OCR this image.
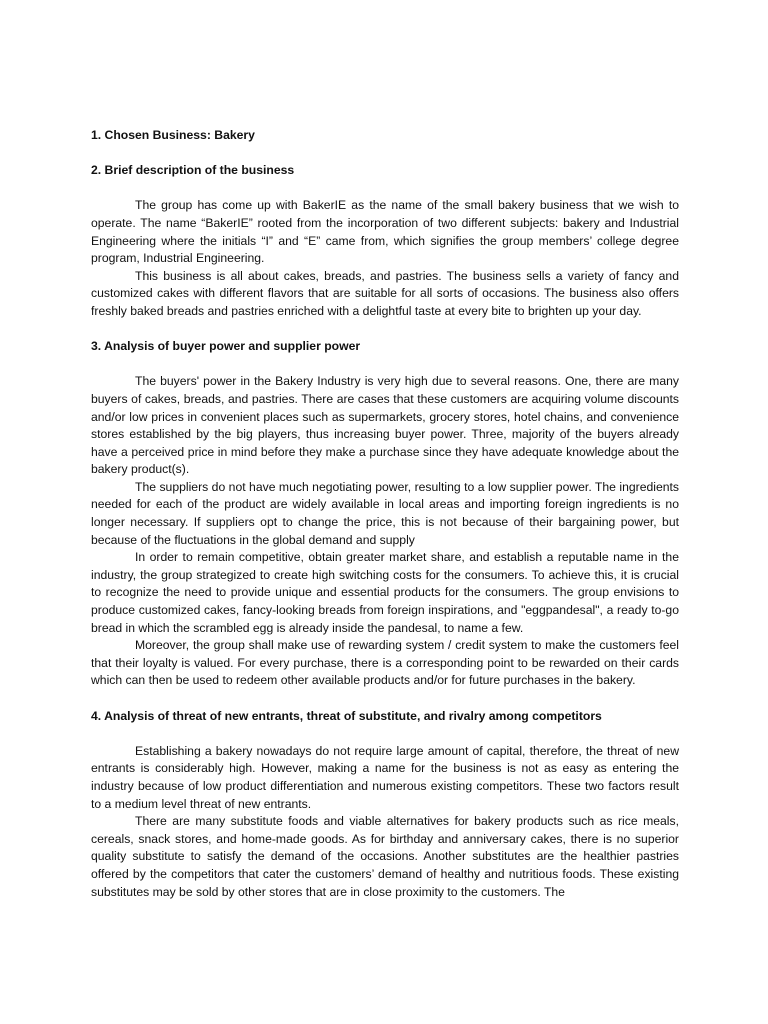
1. Chosen Business: Bakery
2. Brief description of the business

The group has come up with BakerIE as the name of the small bakery business that we wish to operate. The name “BakerIE” rooted from the incorporation of two different subjects: bakery and Industrial Engineering where the initials “I” and “E” came from, which signifies the group members’ college degree program, Industrial Engineering.

This business is all about cakes, breads, and pastries. The business sells a variety of fancy and customized cakes with different flavors that are suitable for all sorts of occasions. The business also offers freshly baked breads and pastries enriched with a delightful taste at every bite to brighten up your day.

3. Analysis of buyer power and supplier power

The buyers' power in the Bakery Industry is very high due to several reasons. One, there are many buyers of cakes, breads, and pastries. There are cases that these customers are acquiring volume discounts and/or low prices in convenient places such as supermarkets, grocery stores, hotel chains, and convenience stores established by the big players, thus increasing buyer power. Three, majority of the buyers already have a perceived price in mind before they make a purchase since they have adequate knowledge about the bakery product(s).

The suppliers do not have much negotiating power, resulting to a low supplier power. The ingredients needed for each of the product are widely available in local areas and importing foreign ingredients is no longer necessary. If suppliers opt to change the price, this is not because of their bargaining power, but because of the fluctuations in the global demand and supply

In order to remain competitive, obtain greater market share, and establish a reputable name in the industry, the group strategized to create high switching costs for the consumers. To achieve this, it is crucial to recognize the need to provide unique and essential products for the consumers. The group envisions to produce customized cakes, fancy-looking breads from foreign inspirations, and "eggpandesal", a ready to-go bread in which the scrambled egg is already inside the pandesal, to name a few.

Moreover, the group shall make use of rewarding system / credit system to make the customers feel that their loyalty is valued. For every purchase, there is a corresponding point to be rewarded on their cards which can then be used to redeem other available products and/or for future purchases in the bakery.

4. Analysis of threat of new entrants, threat of substitute, and rivalry among competitors

Establishing a bakery nowadays do not require large amount of capital, therefore, the threat of new entrants is considerably high. However, making a name for the business is not as easy as entering the industry because of low product differentiation and numerous existing competitors. These two factors result to a medium level threat of new entrants.

There are many substitute foods and viable alternatives for bakery products such as rice meals, cereals, snack stores, and home-made goods. As for birthday and anniversary cakes, there is no superior quality substitute to satisfy the demand of the occasions. Another substitutes are the healthier pastries offered by the competitors that cater the customers’ demand of healthy and nutritious foods. These existing substitutes may be sold by other stores that are in close proximity to the customers. The
